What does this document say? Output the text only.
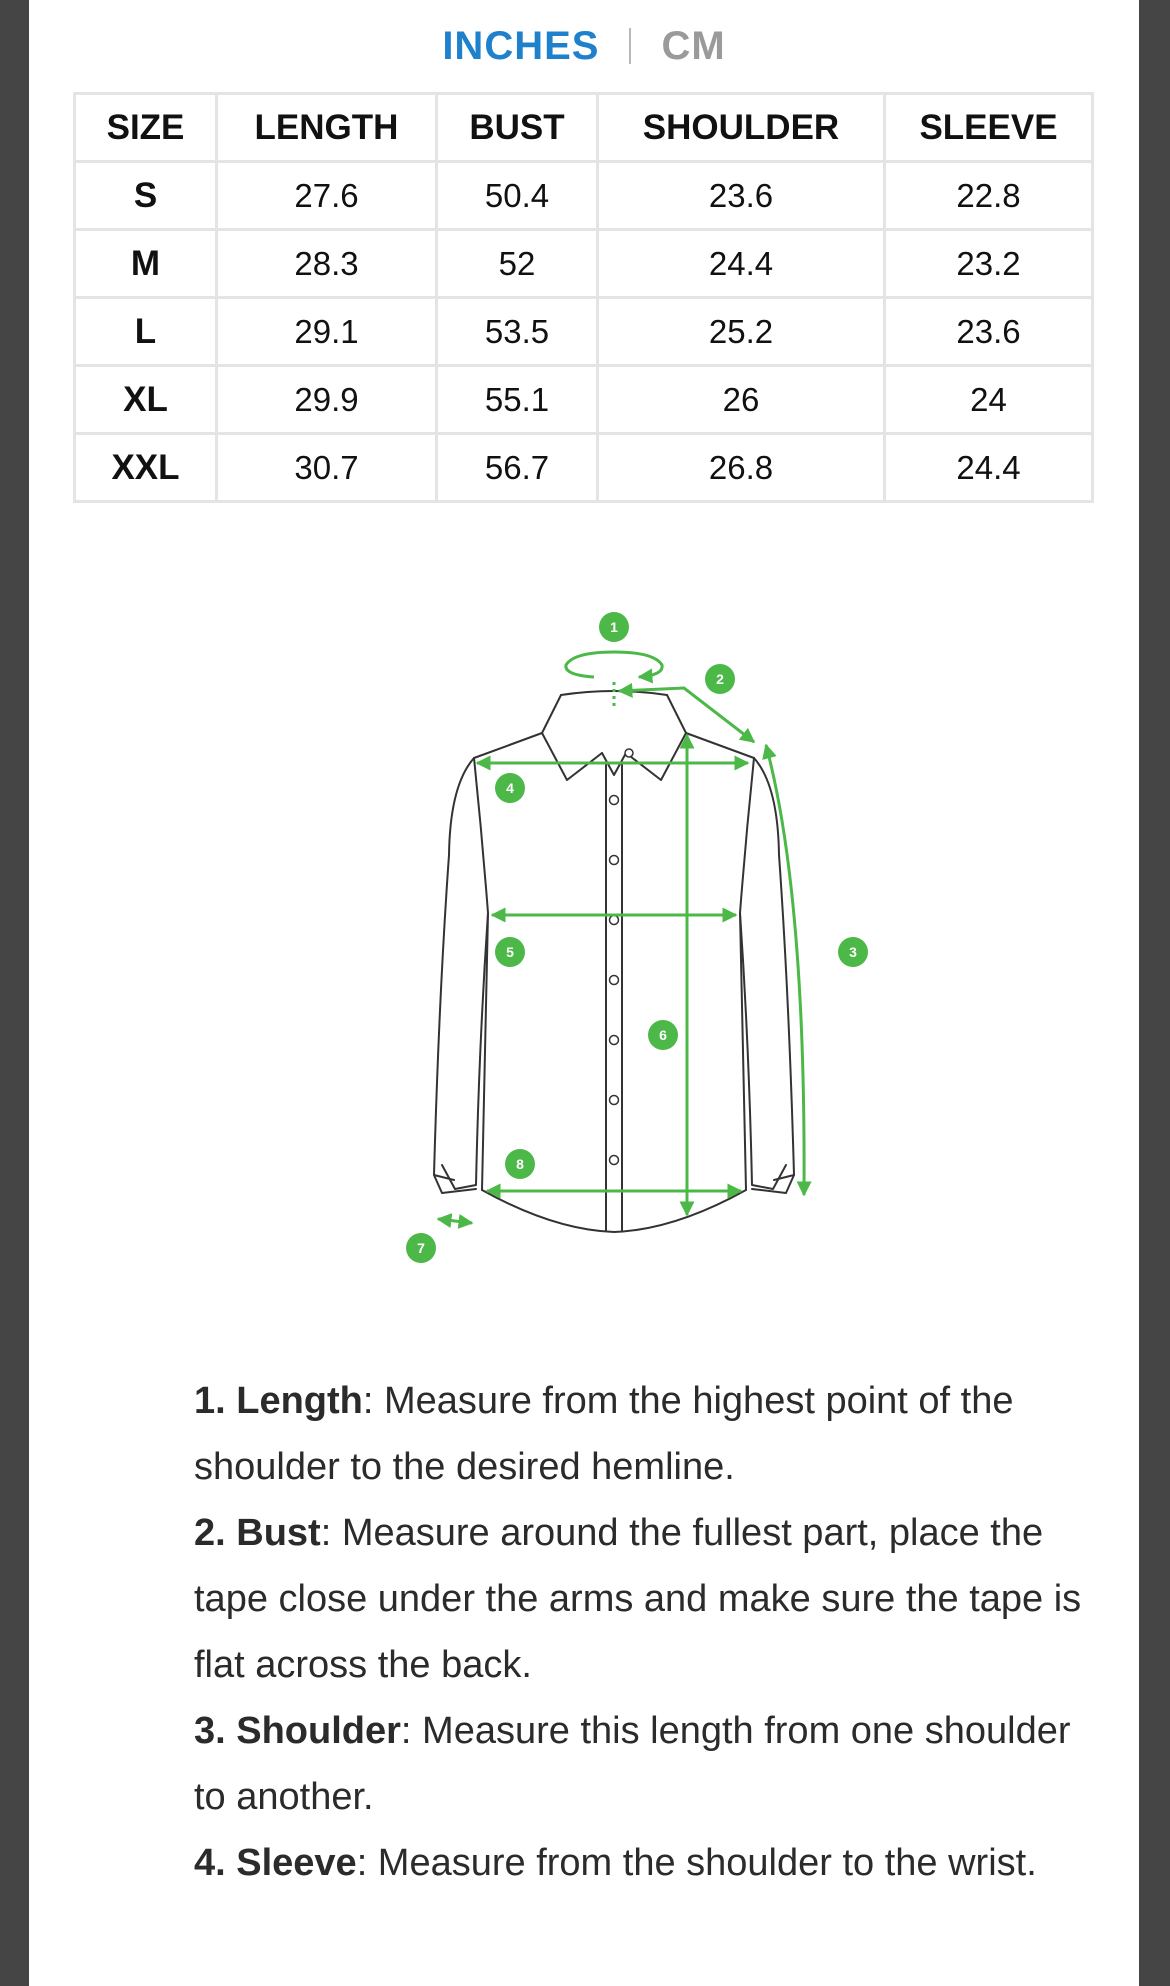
INCHES CM
SIZE	LENGTH	BUST	SHOULDER	SLEEVE
S	27.6	50.4	23.6	22.8
M	28.3	52	24.4	23.2
L	29.1	53.5	25.2	23.6
XL	29.9	55.1	26	24
XXL	30.7	56.7	26.8	24.4
1
2
3
4
5
6
7
8

1. Length: Measure from the highest point of the shoulder to the desired hemline.

2. Bust: Measure around the fullest part, place the tape close under the arms and make sure the tape is flat across the back.

3. Shoulder: Measure this length from one shoulder to another.

4. Sleeve: Measure from the shoulder to the wrist.
